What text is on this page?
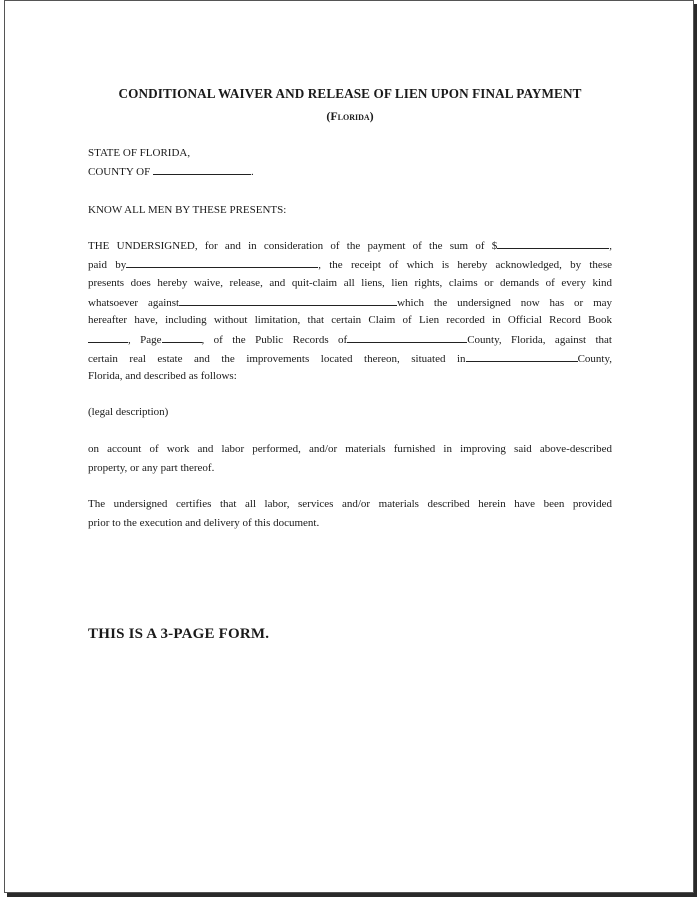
CONDITIONAL WAIVER AND RELEASE OF LIEN UPON FINAL PAYMENT
(Florida)
STATE OF FLORIDA,
COUNTY OF	.
KNOW ALL MEN BY THESE PRESENTS:
THE UNDERSIGNED, for and in consideration of the payment of the sum of $	,
paid by	, the receipt of which is hereby acknowledged, by these
presents does hereby waive, release, and quit-claim all liens, lien rights, claims or demands of every kind
whatsoever against	which the undersigned now has or may
hereafter have, including without limitation, that certain Claim of Lien recorded in Official Record Book
, Page	, of the Public Records of	County, Florida, against that
certain real estate and the improvements located thereon, situated in	County,
Florida, and described as follows:
(legal description)
on account of work and labor performed, and/or materials furnished in improving said above-described
property, or any part thereof.
The undersigned certifies that all labor, services and/or materials described herein have been provided
prior to the execution and delivery of this document.
THIS IS A 3-PAGE FORM.
